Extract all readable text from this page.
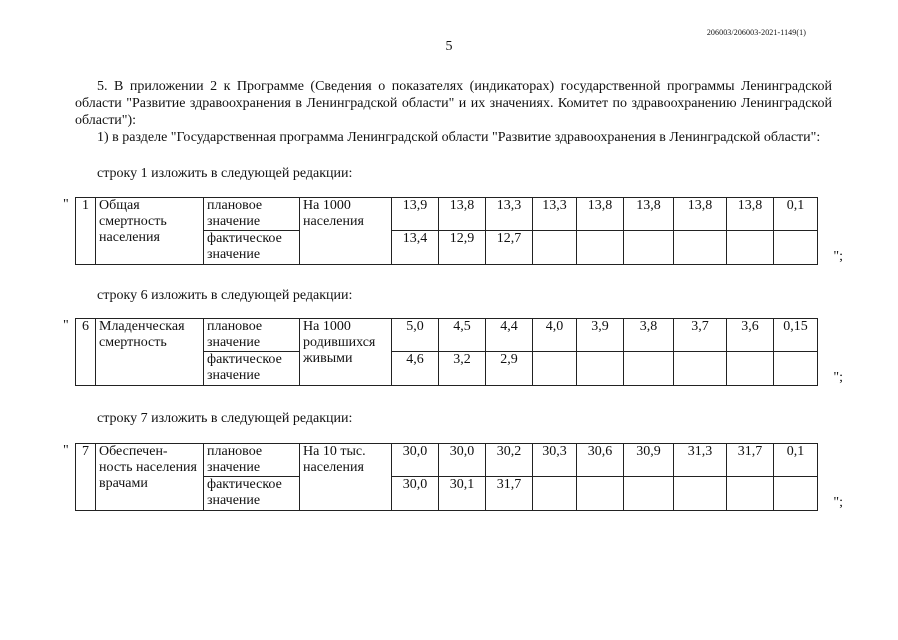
206003/206003-2021-1149(1)
5

5. В приложении 2 к Программе (Сведения о показателях (индикаторах) государственной программы Ленинградской области "Развитие здравоохранения в Ленинградской области" и их значениях. Комитет по здравоохранению Ленинградской области"):

1) в разделе "Государственная программа Ленинградской области "Развитие здравоохранения в Ленинградской области":

строку 1 изложить в следующей редакции:

" 1	Общая смертность населения	плановое значение	На 1000 населения	13,9	13,8	13,3	13,3	13,8	13,8	13,8	13,8	0,1
		фактическое значение		13,4	12,9	12,7						
";

строку 6 изложить в следующей редакции:

" 6	Младенческая смертность	плановое значение	На 1000 родившихся живыми	5,0	4,5	4,4	4,0	3,9	3,8	3,7	3,6	0,15
		фактическое значение		4,6	3,2	2,9						
";

строку 7 изложить в следующей редакции:

" 7	Обеспечен-ность населения врачами	плановое значение	На 10 тыс. населения	30,0	30,0	30,2	30,3	30,6	30,9	31,3	31,7	0,1
		фактическое значение		30,0	30,1	31,7						
";
